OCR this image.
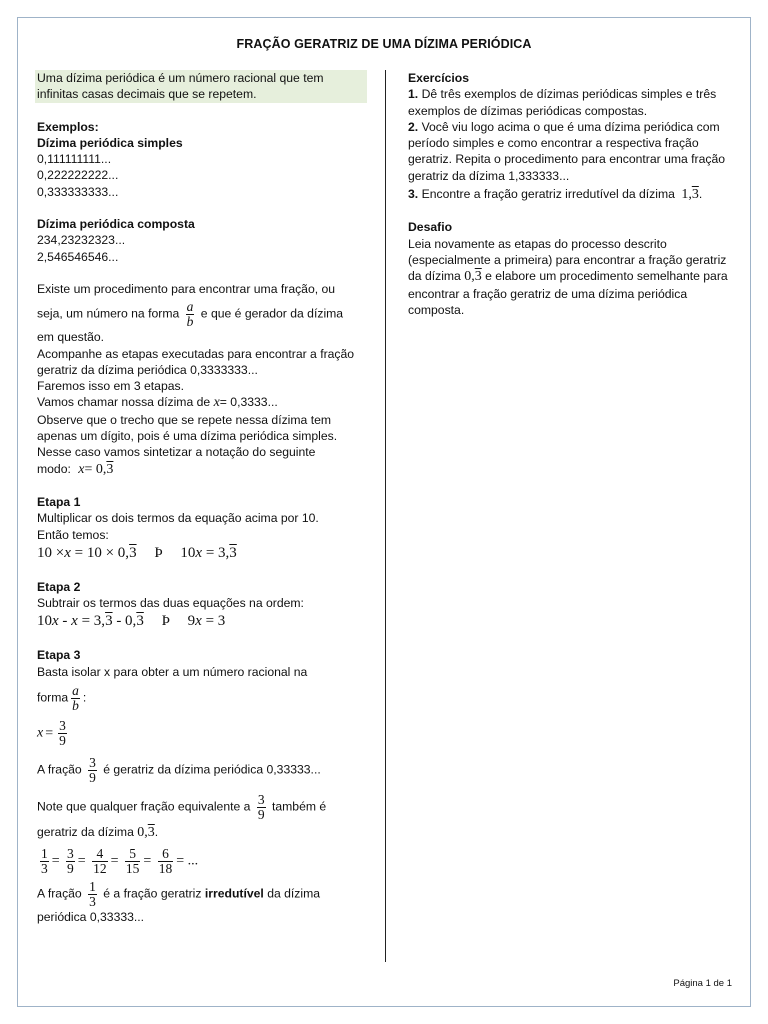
FRAÇÃO GERATRIZ DE UMA DÍZIMA PERIÓDICA
Uma dízima periódica é um número racional que tem infinitas casas decimais que se repetem.
Exemplos:
Dízima periódica simples
0,111111111...
0,222222222...
0,333333333...
Dízima periódica composta
234,23232323...
2,546546546...
Existe um procedimento para encontrar uma fração, ou
seja, um número na forma $\frac{a}{b}$ e que é gerador da dízima
em questão.
Acompanhe as etapas executadas para encontrar a fração geratriz da dízima periódica 0,3333333...
Faremos isso em 3 etapas.
Vamos chamar nossa dízima de x= 0,3333...
Observe que o trecho que se repete nessa dízima tem apenas um dígito, pois é uma dízima periódica simples.
Nesse caso vamos sintetizar a notação do seguinte
modo: x= 0,3
Etapa 1
Multiplicar os dois termos da equação acima por 10.
Então temos:
10 ×x = 10 × 0,3 Þ 10x = 3,3
Etapa 2
Subtrair os termos das duas equações na ordem:
10x - x = 3,3 - 0,3 Þ 9x = 3
Etapa 3
Basta isolar x para obter a um número racional na
forma $\frac{a}{b}$ :
$x = \frac{3}{9}$
A fração $\frac{3}{9}$ é geratriz da dízima periódica 0,33333...
Note que qualquer fração equivalente a $\frac{3}{9}$ também é
geratriz da dízima 0,3.
$\frac{1}{3} = \frac{3}{9} = \frac{4}{12} = \frac{5}{15} = \frac{6}{18}$ = ...
A fração $\frac{1}{3}$ é a fração geratriz irredutível da dízima
periódica 0,33333...
Exercícios
1. Dê três exemplos de dízimas periódicas simples e três exemplos de dízimas periódicas compostas.
2. Você viu logo acima o que é uma dízima periódica com período simples e como encontrar a respectiva fração geratriz. Repita o procedimento para encontrar uma fração geratriz da dízima 1,333333...
3. Encontre a fração geratriz irredutível da dízima 1,3.
Desafio
Leia novamente as etapas do processo descrito (especialmente a primeira) para encontrar a fração geratriz da dízima 0,3 e elabore um procedimento semelhante para encontrar a fração geratriz de uma dízima periódica composta.
Página 1 de 1
